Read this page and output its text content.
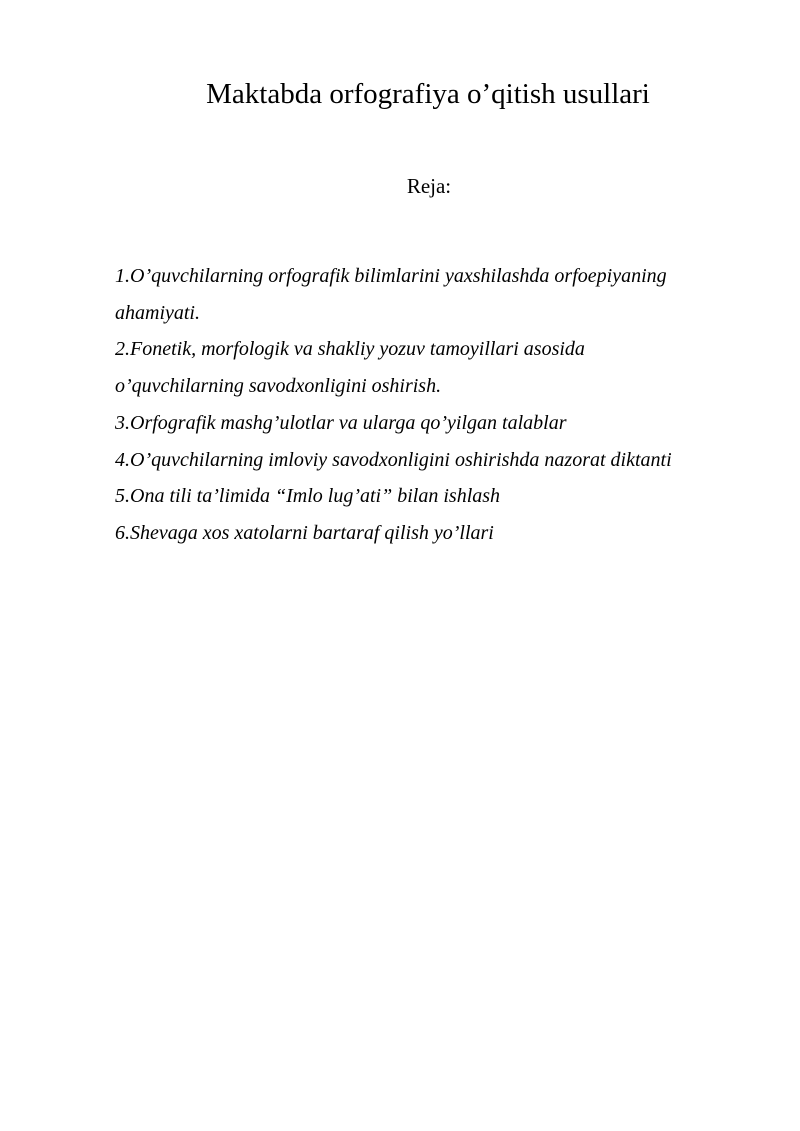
Maktabda orfografiya o’qitish usullari

Reja:

1.O’quvchilarning orfografik bilimlarini yaxshilashda orfoepiyaning
ahamiyati.
2.Fonetik, morfologik va shakliy yozuv tamoyillari asosida
o’quvchilarning savodxonligini oshirish.
3.Orfografik mashg’ulotlar va ularga qo’yilgan talablar
4.O’quvchilarning imloviy savodxonligini oshirishda nazorat diktanti
5.Ona tili ta’limida “Imlo lug’ati” bilan ishlash
6.Shevaga xos xatolarni bartaraf qilish yo’llari
